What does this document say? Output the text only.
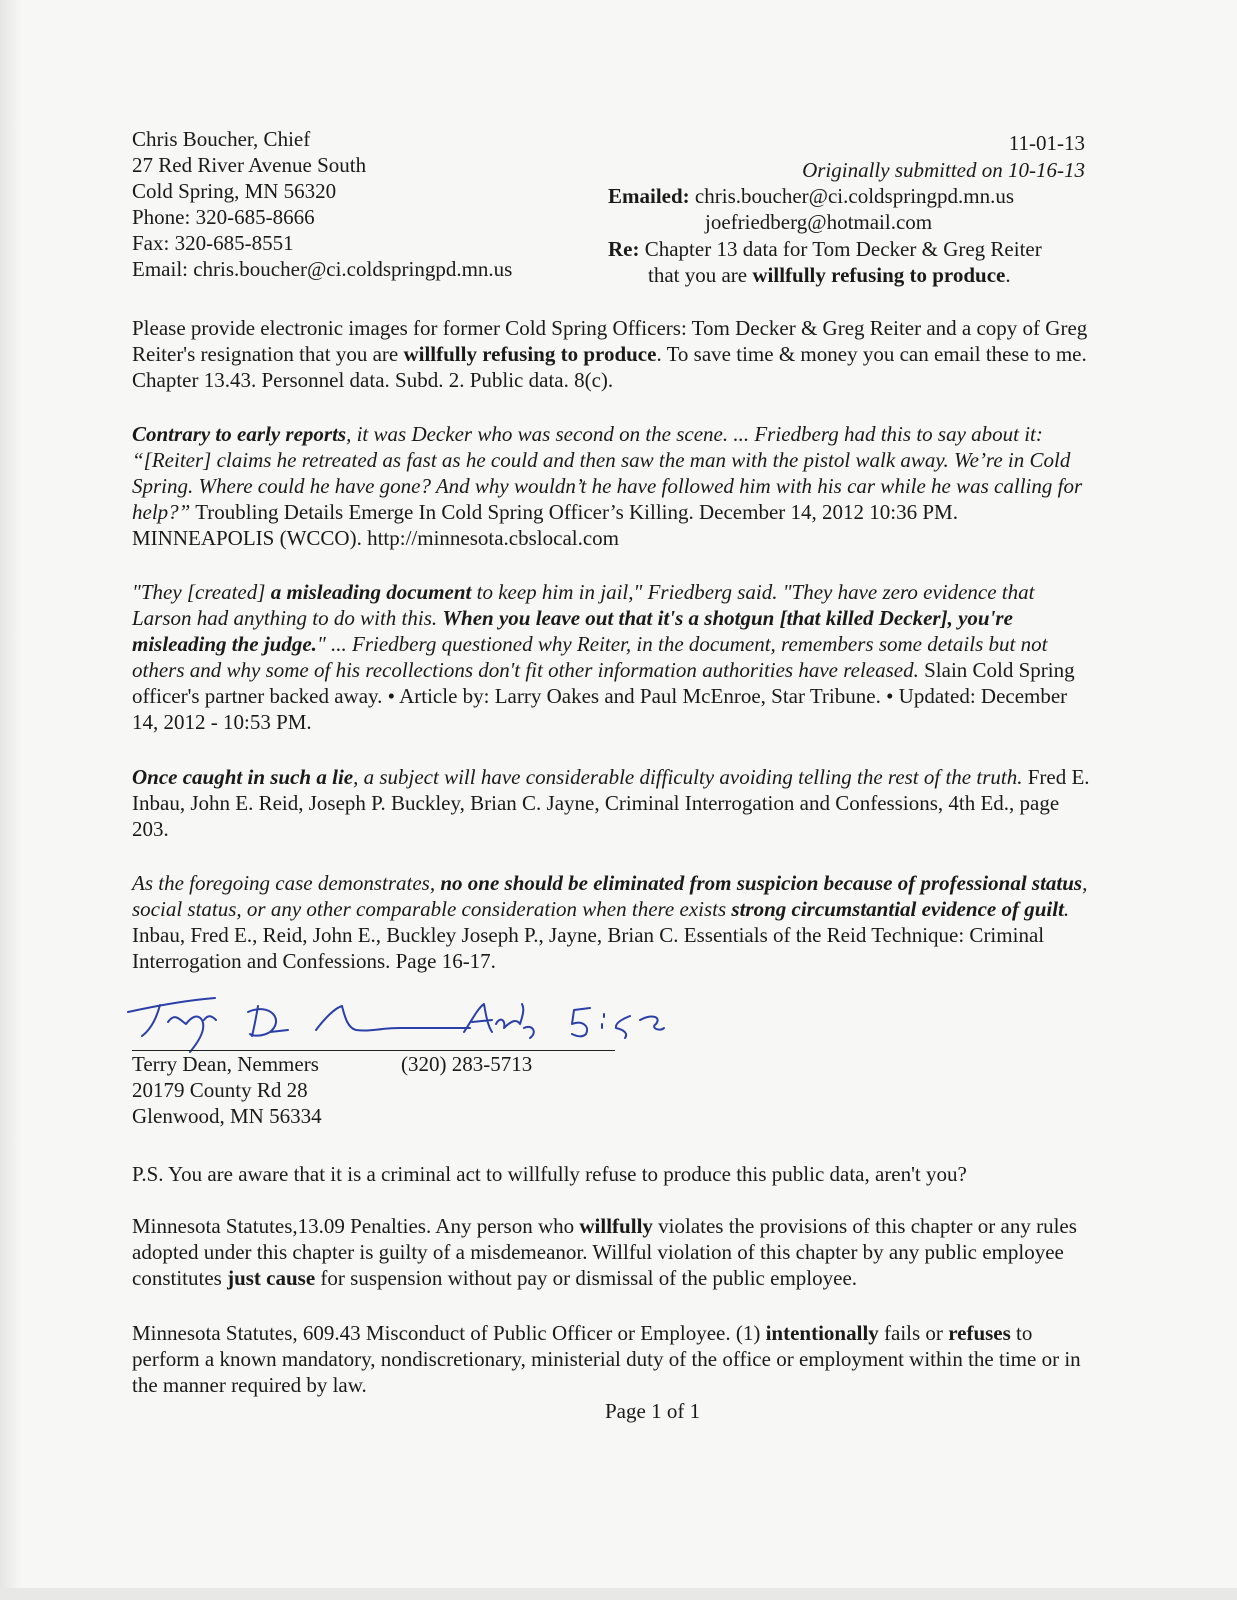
Chris Boucher, Chief
27 Red River Avenue South
Cold Spring, MN 56320
Phone: 320-685-8666
Fax: 320-685-8551
Email: chris.boucher@ci.coldspringpd.mn.us
11-01-13
Originally submitted on 10-16-13
Emailed: chris.boucher@ci.coldspringpd.mn.us
joefriedberg@hotmail.com
Re: Chapter 13 data for Tom Decker & Greg Reiter
that you are willfully refusing to produce.
Please provide electronic images for former Cold Spring Officers: Tom Decker & Greg Reiter and a copy of Greg Reiter's resignation that you are willfully refusing to produce. To save time & money you can email these to me. Chapter 13.43. Personnel data. Subd. 2. Public data. 8(c).
Contrary to early reports, it was Decker who was second on the scene. ... Friedberg had this to say about it: “[Reiter] claims he retreated as fast as he could and then saw the man with the pistol walk away. We’re in Cold Spring. Where could he have gone? And why wouldn’t he have followed him with his car while he was calling for help?” Troubling Details Emerge In Cold Spring Officer’s Killing. December 14, 2012 10:36 PM. MINNEAPOLIS (WCCO). http://minnesota.cbslocal.com
"They [created] a misleading document to keep him in jail," Friedberg said. "They have zero evidence that Larson had anything to do with this. When you leave out that it's a shotgun [that killed Decker], you're misleading the judge." ... Friedberg questioned why Reiter, in the document, remembers some details but not others and why some of his recollections don't fit other information authorities have released. Slain Cold Spring officer's partner backed away. • Article by: Larry Oakes and Paul McEnroe, Star Tribune. • Updated: December 14, 2012 - 10:53 PM.
Once caught in such a lie, a subject will have considerable difficulty avoiding telling the rest of the truth. Fred E. Inbau, John E. Reid, Joseph P. Buckley, Brian C. Jayne, Criminal Interrogation and Confessions, 4th Ed., page 203.
As the foregoing case demonstrates, no one should be eliminated from suspicion because of professional status, social status, or any other comparable consideration when there exists strong circumstantial evidence of guilt. Inbau, Fred E., Reid, John E., Buckley Joseph P., Jayne, Brian C. Essentials of the Reid Technique: Criminal Interrogation and Confessions. Page 16-17.
Terry Dean, Nemmers	(320) 283-5713
20179 County Rd 28
Glenwood, MN 56334
P.S. You are aware that it is a criminal act to willfully refuse to produce this public data, aren't you?
Minnesota Statutes,13.09 Penalties. Any person who willfully violates the provisions of this chapter or any rules adopted under this chapter is guilty of a misdemeanor. Willful violation of this chapter by any public employee constitutes just cause for suspension without pay or dismissal of the public employee.
Minnesota Statutes, 609.43 Misconduct of Public Officer or Employee. (1) intentionally fails or refuses to perform a known mandatory, nondiscretionary, ministerial duty of the office or employment within the time or in the manner required by law.
Page 1 of 1
